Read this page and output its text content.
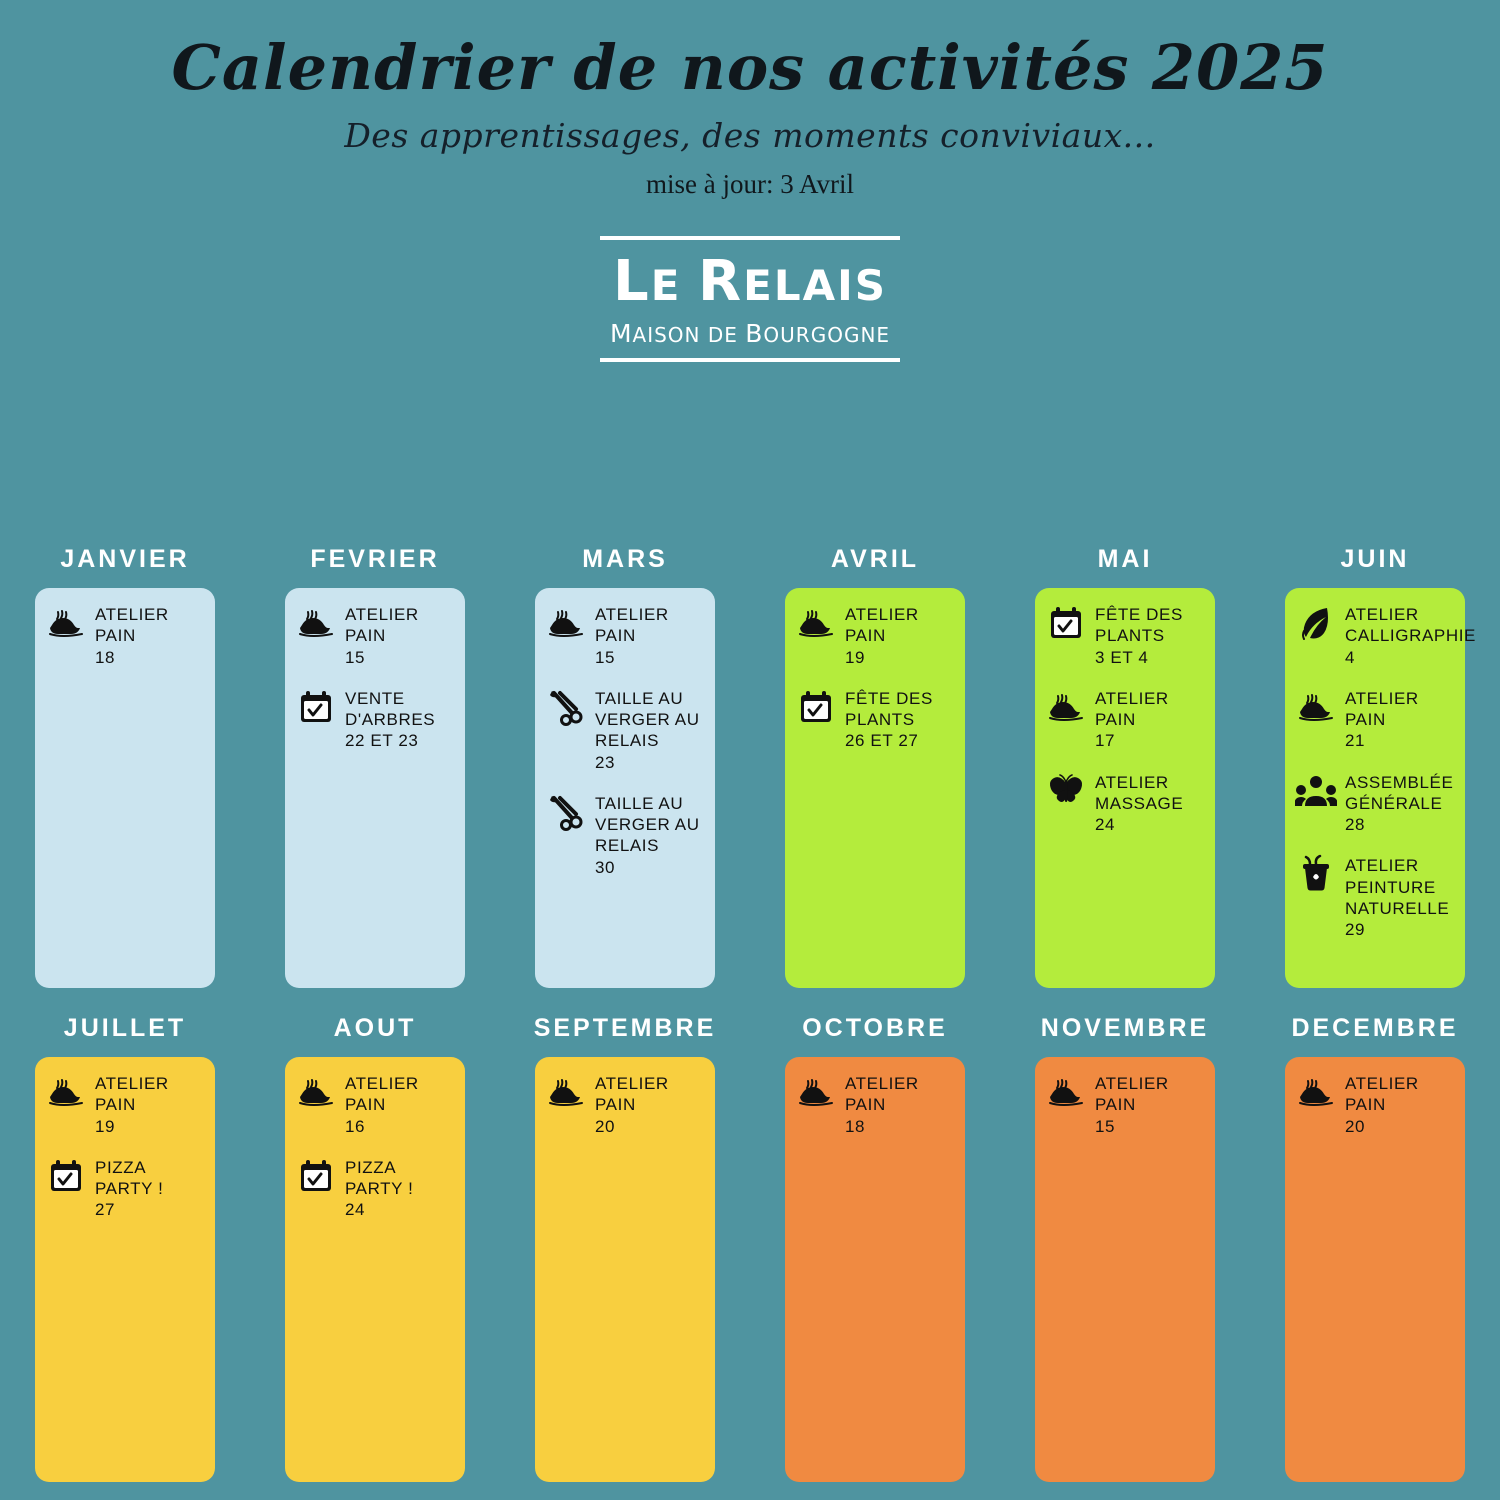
Calendrier de nos activités 2025

Des apprentissages, des moments conviviaux...

mise à jour: 3 Avril

LE RELAIS
MAISON DE BOURGOGNE
JANVIER
ATELIER PAIN
18
FEVRIER
ATELIER PAIN
15
VENTE D'ARBRES
22 ET 23
MARS
ATELIER PAIN
15
TAILLE AU VERGER AU RELAIS
23
TAILLE AU VERGER AU RELAIS
30
AVRIL
ATELIER PAIN
19
FÊTE DES PLANTS
26 ET 27
MAI
FÊTE DES PLANTS
3 ET 4
ATELIER PAIN
17
ATELIER MASSAGE
24
JUIN
ATELIER CALLIGRAPHIE
4
ATELIER PAIN
21
ASSEMBLÉE GÉNÉRALE
28
ATELIER PEINTURE NATURELLE
29
JUILLET
ATELIER PAIN
19
PIZZA PARTY !
27
AOUT
ATELIER PAIN
16
PIZZA PARTY !
24
SEPTEMBRE
ATELIER PAIN
20
OCTOBRE
ATELIER PAIN
18
NOVEMBRE
ATELIER PAIN
15
DECEMBRE
ATELIER PAIN
20
